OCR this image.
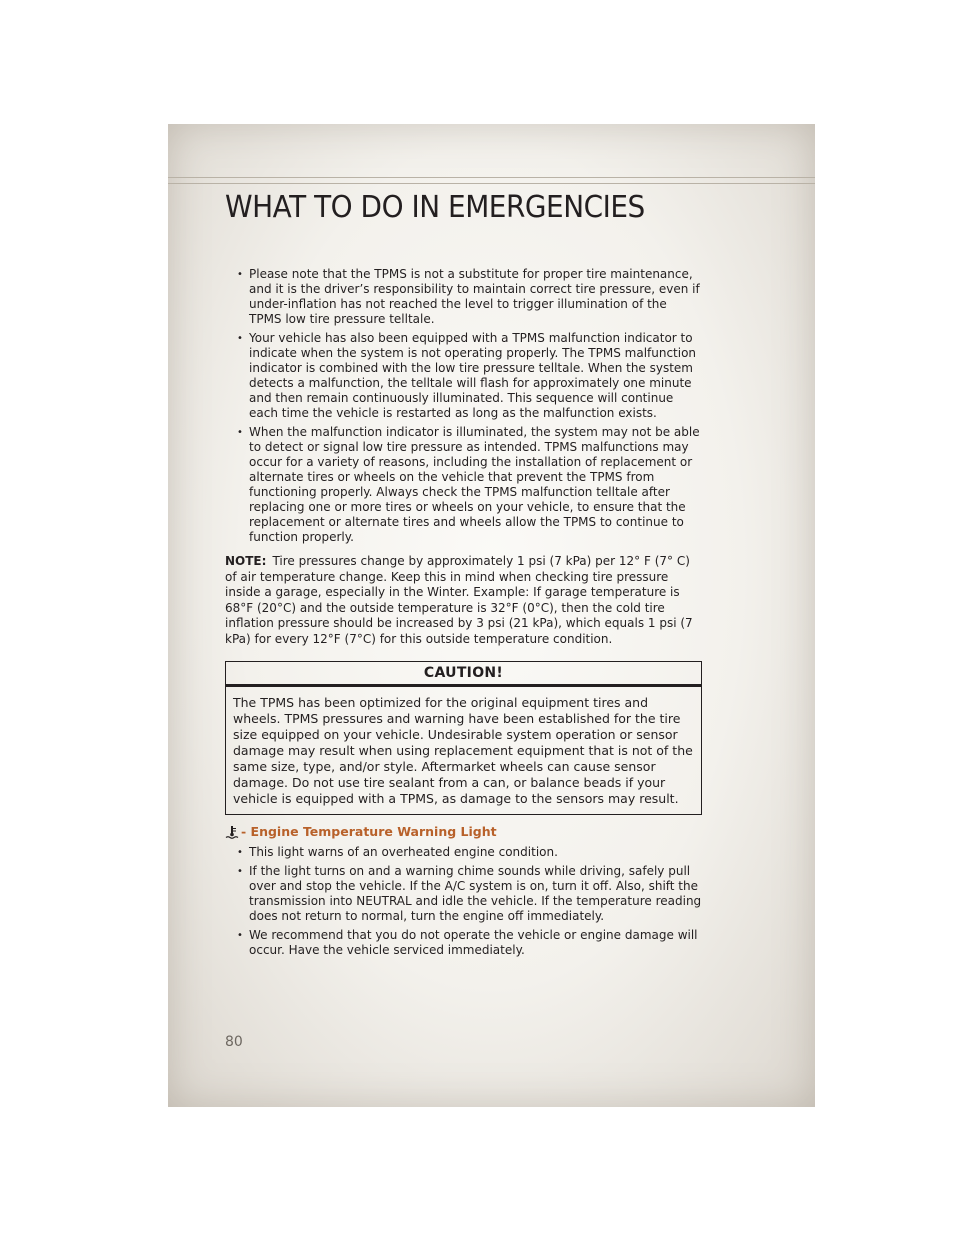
WHAT TO DO IN EMERGENCIES
• Please note that the TPMS is not a substitute for proper tire maintenance, and it is the driver’s responsibility to maintain correct tire pressure, even if under-inflation has not reached the level to trigger illumination of the TPMS low tire pressure telltale.
• Your vehicle has also been equipped with a TPMS malfunction indicator to indicate when the system is not operating properly. The TPMS malfunction indicator is combined with the low tire pressure telltale. When the system detects a malfunction, the telltale will flash for approximately one minute and then remain continuously illuminated. This sequence will continue each time the vehicle is restarted as long as the malfunction exists.
• When the malfunction indicator is illuminated, the system may not be able to detect or signal low tire pressure as intended. TPMS malfunctions may occur for a variety of reasons, including the installation of replacement or alternate tires or wheels on the vehicle that prevent the TPMS from functioning properly. Always check the TPMS malfunction telltale after replacing one or more tires or wheels on your vehicle, to ensure that the replacement or alternate tires and wheels allow the TPMS to continue to function properly.

NOTE: Tire pressures change by approximately 1 psi (7 kPa) per 12° F (7° C) of air temperature change. Keep this in mind when checking tire pressure inside a garage, especially in the Winter. Example: If garage temperature is 68°F (20°C) and the outside temperature is 32°F (0°C), then the cold tire inflation pressure should be increased by 3 psi (21 kPa), which equals 1 psi (7 kPa) for every 12°F (7°C) for this outside temperature condition.

CAUTION!
The TPMS has been optimized for the original equipment tires and wheels. TPMS pressures and warning have been established for the tire size equipped on your vehicle. Undesirable system operation or sensor damage may result when using replacement equipment that is not of the same size, type, and/or style. Aftermarket wheels can cause sensor damage. Do not use tire sealant from a can, or balance beads if your vehicle is equipped with a TPMS, as damage to the sensors may result.
- Engine Temperature Warning Light
• This light warns of an overheated engine condition.
• If the light turns on and a warning chime sounds while driving, safely pull over and stop the vehicle. If the A/C system is on, turn it off. Also, shift the transmission into NEUTRAL and idle the vehicle. If the temperature reading does not return to normal, turn the engine off immediately.
• We recommend that you do not operate the vehicle or engine damage will occur. Have the vehicle serviced immediately.
80
